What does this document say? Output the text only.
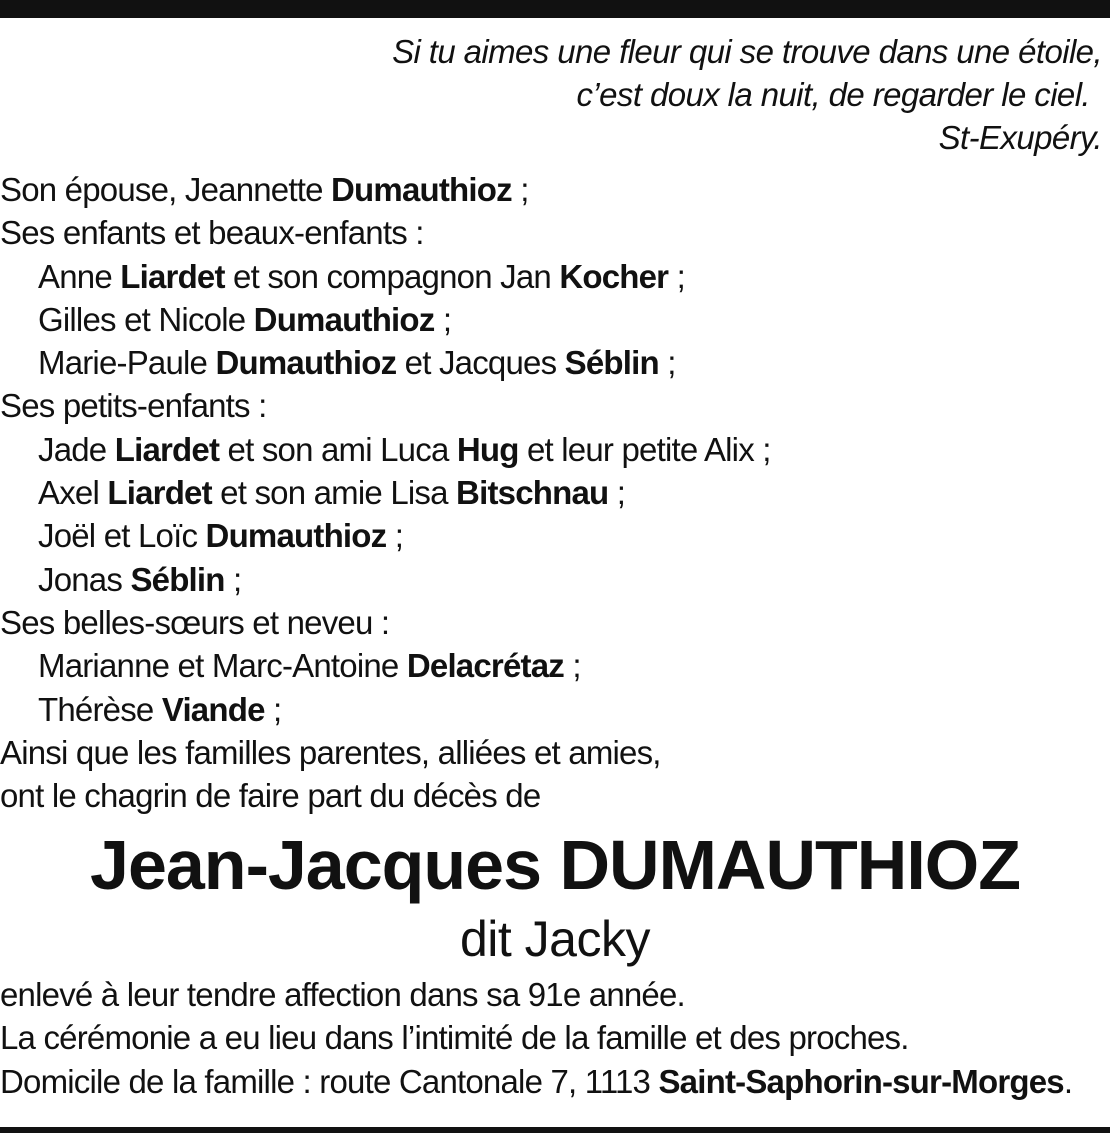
Si tu aimes une fleur qui se trouve dans une étoile,
c’est doux la nuit, de regarder le ciel.
St-Exupéry.
Son épouse, Jeannette Dumauthioz ;
Ses enfants et beaux-enfants :
Anne Liardet et son compagnon Jan Kocher ;
Gilles et Nicole Dumauthioz ;
Marie-Paule Dumauthioz et Jacques Séblin ;
Ses petits-enfants :
Jade Liardet et son ami Luca Hug et leur petite Alix ;
Axel Liardet et son amie Lisa Bitschnau ;
Joël et Loïc Dumauthioz ;
Jonas Séblin ;
Ses belles-sœurs et neveu :
Marianne et Marc-Antoine Delacrétaz ;
Thérèse Viande ;
Ainsi que les familles parentes, alliées et amies,
ont le chagrin de faire part du décès de
Jean-Jacques DUMAUTHIOZ
dit Jacky
enlevé à leur tendre affection dans sa 91e année.
La cérémonie a eu lieu dans l’intimité de la famille et des proches.
Domicile de la famille : route Cantonale 7, 1113 Saint-Saphorin-sur-Morges.
